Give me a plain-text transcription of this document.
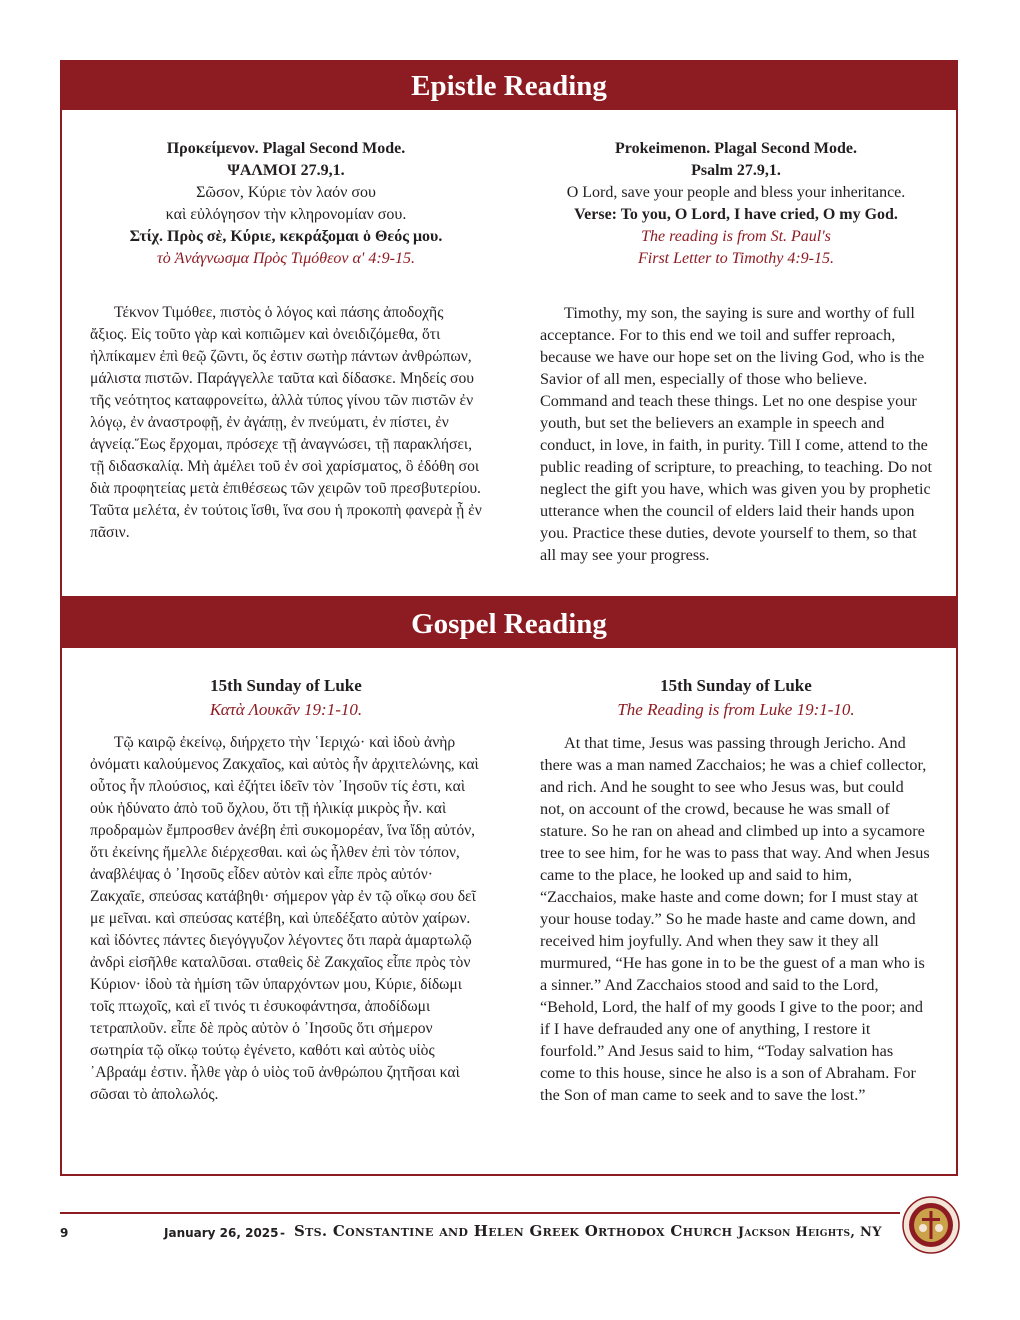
Epistle Reading
Προκείμενον. Plagal Second Mode.
ΨΑΛΜΟΙ 27.9,1.
Σῶσον, Κύριε τὸν λαόν σου
καὶ εὐλόγησον τὴν κληρονομίαν σου.
Στίχ. Πρὸς σὲ, Κύριε, κεκράξομαι ὁ Θεός μου.
τὸ Ἀνάγνωσμα Πρὸς Τιμόθεον α' 4:9-15.

Τέκνον Τιμόθεε, πιστὸς ὁ λόγος καὶ πάσης ἀποδοχῆς ἄξιος. Εἰς τοῦτο γὰρ καὶ κοπιῶμεν καὶ ὀνειδιζόμεθα, ὅτι ἠλπίκαμεν ἐπὶ θεῷ ζῶντι, ὅς ἐστιν σωτὴρ πάντων ἀνθρώπων, μάλιστα πιστῶν. Παράγγελλε ταῦτα καὶ δίδασκε. Μηδείς σου τῆς νεότητος καταφρονείτω, ἀλλὰ τύπος γίνου τῶν πιστῶν ἐν λόγῳ, ἐν ἀναστροφῇ, ἐν ἀγάπῃ, ἐν πνεύματι, ἐν πίστει, ἐν ἁγνείᾳ.Ἕως ἔρχομαι, πρόσεχε τῇ ἀναγνώσει, τῇ παρακλήσει, τῇ διδασκαλίᾳ. Μὴ ἀμέλει τοῦ ἐν σοὶ χαρίσματος, ὃ ἐδόθη σοι διὰ προφητείας μετὰ ἐπιθέσεως τῶν χειρῶν τοῦ πρεσβυτερίου. Ταῦτα μελέτα, ἐν τούτοις ἴσθι, ἵνα σου ἡ προκοπὴ φανερὰ ᾖ ἐν πᾶσιν.

Prokeimenon. Plagal Second Mode.
Psalm 27.9,1.
O Lord, save your people and bless your inheritance.
Verse: To you, O Lord, I have cried, O my God.
The reading is from St. Paul's
First Letter to Timothy 4:9-15.

Timothy, my son, the saying is sure and worthy of full acceptance. For to this end we toil and suffer reproach, because we have our hope set on the living God, who is the Savior of all men, especially of those who believe. Command and teach these things. Let no one despise your youth, but set the believers an example in speech and conduct, in love, in faith, in purity. Till I come, attend to the public reading of scripture, to preaching, to teaching. Do not neglect the gift you have, which was given you by prophetic utterance when the council of elders laid their hands upon you. Practice these duties, devote yourself to them, so that all may see your progress.

Gospel Reading
15th Sunday of Luke
Κατὰ Λουκᾶν 19:1-10.

Τῷ καιρῷ ἐκείνῳ, διήρχετο τὴν ῾Ιεριχώ· καὶ ἰδοὺ ἀνὴρ ὀνόματι καλούμενος Ζακχαῖος, καὶ αὐτὸς ἦν ἀρχιτελώνης, καὶ οὗτος ἦν πλούσιος, καὶ ἐζήτει ἰδεῖν τὸν ᾿Ιησοῦν τίς ἐστι, καὶ οὐκ ἠδύνατο ἀπὸ τοῦ ὄχλου, ὅτι τῇ ἡλικίᾳ μικρὸς ἦν. καὶ προδραμὼν ἔμπροσθεν ἀνέβη ἐπὶ συκομορέαν, ἵνα ἴδῃ αὐτόν, ὅτι ἐκείνης ἤμελλε διέρχεσθαι. καὶ ὡς ἦλθεν ἐπὶ τὸν τόπον, ἀναβλέψας ὁ ᾿Ιησοῦς εἶδεν αὐτὸν καὶ εἶπε πρὸς αὐτόν· Ζακχαῖε, σπεύσας κατάβηθι· σήμερον γὰρ ἐν τῷ οἴκῳ σου δεῖ με μεῖναι. καὶ σπεύσας κατέβη, καὶ ὑπεδέξατο αὐτὸν χαίρων. καὶ ἰδόντες πάντες διεγόγγυζον λέγοντες ὅτι παρὰ ἁμαρτωλῷ ἀνδρὶ εἰσῆλθε καταλῦσαι. σταθεὶς δὲ Ζακχαῖος εἶπε πρὸς τὸν Κύριον· ἰδοὺ τὰ ἡμίση τῶν ὑπαρχόντων μου, Κύριε, δίδωμι τοῖς πτωχοῖς, καὶ εἴ τινός τι ἐσυκοφάντησα, ἀποδίδωμι τετραπλοῦν. εἶπε δὲ πρὸς αὐτὸν ὁ ᾿Ιησοῦς ὅτι σήμερον σωτηρία τῷ οἴκῳ τούτῳ ἐγένετο, καθότι καὶ αὐτὸς υἱὸς ᾿Αβραάμ ἐστιν. ἦλθε γὰρ ὁ υἱὸς τοῦ ἀνθρώπου ζητῆσαι καὶ σῶσαι τὸ ἀπολωλός.

15th Sunday of Luke
The Reading is from Luke 19:1-10.

At that time, Jesus was passing through Jericho. And there was a man named Zacchaios; he was a chief collector, and rich. And he sought to see who Jesus was, but could not, on account of the crowd, because he was small of stature. So he ran on ahead and climbed up into a sycamore tree to see him, for he was to pass that way. And when Jesus came to the place, he looked up and said to him, “Zacchaios, make haste and come down; for I must stay at your house today.” So he made haste and came down, and received him joyfully. And when they saw it they all murmured, “He has gone in to be the guest of a man who is a sinner.” And Zacchaios stood and said to the Lord, “Behold, Lord, the half of my goods I give to the poor; and if I have defrauded any one of anything, I restore it fourfold.” And Jesus said to him, “Today salvation has come to this house, since he also is a son of Abraham. For the Son of man came to seek and to save the lost.”

9	January 26, 2025 - Sts. Constantine and Helen Greek Orthodox Church Jackson Heights, NY
